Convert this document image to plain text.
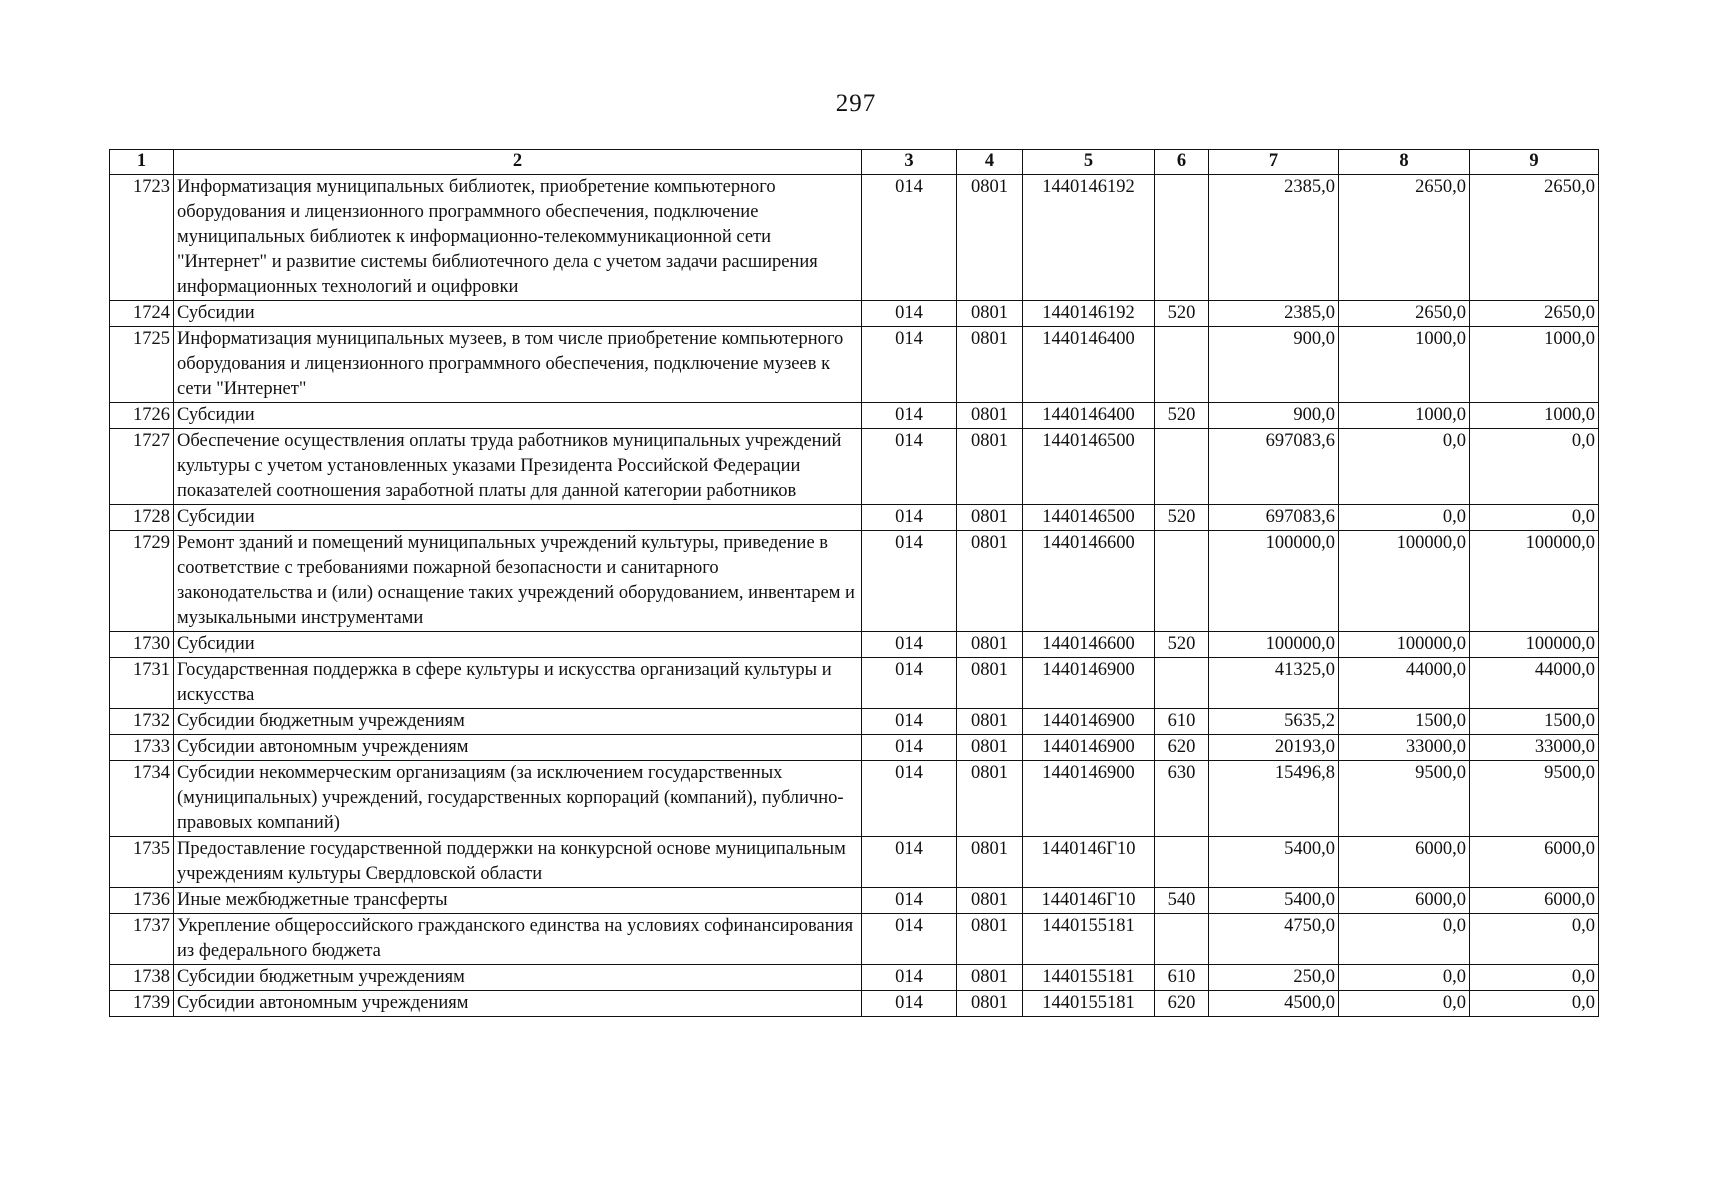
297
1	2	3	4	5	6	7	8	9
1723	Информатизация муниципальных библиотек, приобретение компьютерного оборудования и лицензионного программного обеспечения, подключение муниципальных библиотек к информационно-телекоммуникационной сети "Интернет" и развитие системы библиотечного дела с учетом задачи расширения информационных технологий и оцифровки	014	0801	1440146192		2385,0	2650,0	2650,0
1724	Субсидии	014	0801	1440146192	520	2385,0	2650,0	2650,0
1725	Информатизация муниципальных музеев, в том числе приобретение компьютерного оборудования и лицензионного программного обеспечения, подключение музеев к сети "Интернет"	014	0801	1440146400		900,0	1000,0	1000,0
1726	Субсидии	014	0801	1440146400	520	900,0	1000,0	1000,0
1727	Обеспечение осуществления оплаты труда работников муниципальных учреждений культуры с учетом установленных указами Президента Российской Федерации показателей соотношения заработной платы для данной категории работников	014	0801	1440146500		697083,6	0,0	0,0
1728	Субсидии	014	0801	1440146500	520	697083,6	0,0	0,0
1729	Ремонт зданий и помещений муниципальных учреждений культуры, приведение в соответствие с требованиями пожарной безопасности и санитарного законодательства и (или) оснащение таких учреждений оборудованием, инвентарем и музыкальными инструментами	014	0801	1440146600		100000,0	100000,0	100000,0
1730	Субсидии	014	0801	1440146600	520	100000,0	100000,0	100000,0
1731	Государственная поддержка в сфере культуры и искусства организаций культуры и искусства	014	0801	1440146900		41325,0	44000,0	44000,0
1732	Субсидии бюджетным учреждениям	014	0801	1440146900	610	5635,2	1500,0	1500,0
1733	Субсидии автономным учреждениям	014	0801	1440146900	620	20193,0	33000,0	33000,0
1734	Субсидии некоммерческим организациям (за исключением государственных (муниципальных) учреждений, государственных корпораций (компаний), публично-правовых компаний)	014	0801	1440146900	630	15496,8	9500,0	9500,0
1735	Предоставление государственной поддержки на конкурсной основе муниципальным учреждениям культуры Свердловской области	014	0801	1440146Г10		5400,0	6000,0	6000,0
1736	Иные межбюджетные трансферты	014	0801	1440146Г10	540	5400,0	6000,0	6000,0
1737	Укрепление общероссийского гражданского единства на условиях софинансирования из федерального бюджета	014	0801	1440155181		4750,0	0,0	0,0
1738	Субсидии бюджетным учреждениям	014	0801	1440155181	610	250,0	0,0	0,0
1739	Субсидии автономным учреждениям	014	0801	1440155181	620	4500,0	0,0	0,0
